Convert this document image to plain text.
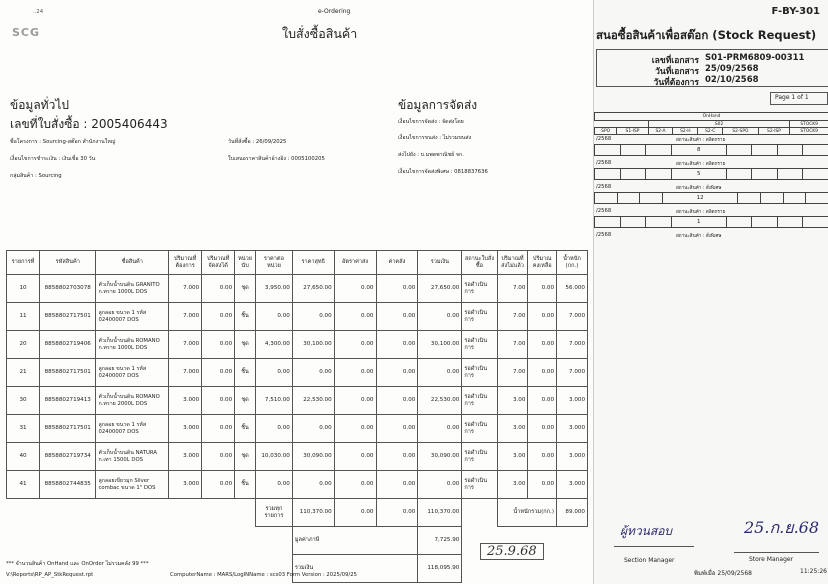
..24
SCG
e-Ordering
ใบสั่งซื้อสินค้า
ข้อมูลทั่วไป
เลขที่ใบสั่งซื้อ : 2005406443
ชื่อโครงการ : Sourcing-สต๊อก สำนักงานใหญ่	วันที่สั่งซื้อ : 26/09/2025
เงื่อนไขการชำระเงิน : เงินเชื่อ 30 วัน	ใบเสนอราคาสินค้าอ้างอิง : 0005100205
กลุ่มสินค้า : Sourcing
ข้อมูลการจัดส่ง
เงื่อนไขการจัดส่ง : จัดส่งโดย
เงื่อนไขการขนส่ง : ไม่รวมขนส่ง
ส่งไปยัง : บ.มพดพาณิชย์ จก.
เงื่อนไขการจัดส่งพิเศษ : 0818837636
รายการที่	รหัสสินค้า	ชื่อสินค้า	ปริมาณที่ต้องการ	ปริมาณที่จัดส่งได้	หน่วยนับ	ราคาต่อหน่วย	ราคาสุทธิ	อัตราค่าส่ง	ค่าคลัง	รวมเงิน	สถานะใบสั่งซื้อ	ปริมาณที่ส่งไม่แล้ว	ปริมาณคงเหลือ	น้ำหนัก (กก.)
10	8858802703078	ตัวเก็บน้ำบนดิน GRANITO ก.ทราย 1000L DOS	7.000	0.00	ชุด	3,950.00	27,650.00	0.00	0.00	27,650.00	รอดำเนินการ	7.00	0.00	56.000
11	8858802717501	ลูกลอย ขนาด 1 รหัส 02400007 DOS	7.000	0.00	ชิ้น	0.00	0.00	0.00	0.00	0.00	รอดำเนินการ	7.00	0.00	7.000
20	8858802719406	ตัวเก็บน้ำบนดิน ROMANO ก.ทราย 1000L DOS	7.000	0.00	ชุด	4,300.00	30,100.00	0.00	0.00	30,100.00	รอดำเนินการ	7.00	0.00	7.000
21	8858802717501	ลูกลอย ขนาด 1 รหัส 02400007 DOS	7.000	0.00	ชิ้น	0.00	0.00	0.00	0.00	0.00	รอดำเนินการ	7.00	0.00	7.000
30	8858802719413	ตัวเก็บน้ำบนดิน ROMANO ก.ทราย 2000L DOS	3.000	0.00	ชุด	7,510.00	22,530.00	0.00	0.00	22,530.00	รอดำเนินการ	3.00	0.00	3.000
31	8858802717501	ลูกลอย ขนาด 1 รหัส 02400007 DOS	3.000	0.00	ชิ้น	0.00	0.00	0.00	0.00	0.00	รอดำเนินการ	3.00	0.00	3.000
40	8858802719734	ตัวเก็บน้ำบนดิน NATURA ก.เทา 1500L DOS	3.000	0.00	ชุด	10,030.00	30,090.00	0.00	0.00	30,090.00	รอดำเนินการ	3.00	0.00	3.000
41	8858802744835	ลูกลอยเขียวมุก Silver combac ขนาด 1" DOS	3.000	0.00	ชิ้น	0.00	0.00	0.00	0.00	0.00	รอดำเนินการ	3.00	0.00	3.000
						รวมทุกรายการ	110,370.00	0.00	0.00	110,370.00		น้ำหนักรวม(กก.)		89.000
							มูลค่าภาษี			7,725.90				
							รวมเงิน			118,095.90				
25.9.68
*** จำนวนสินค้า OnHand และ OnOrder ไม่รวมคลัง 99 ***
V:\Reports\RP_AP_StkRequest.rpt	ComputerName : MARS/LogINName : scs03 Form Version : 2025/09/25
F-BY-301
สนอซื้อสินค้าเพื่อสต๊อก (Stock Request)
เลขที่เอกสาร S01-PRM6809-00311
วันที่เอกสาร 25/09/2568
วันที่ต้องการ 02/10/2568
Page 1 of 1
OnHand							
		S02					STOCK9
SPO	S1-ISP	S2-A	S2-H	S2-C	S2-SPO	S2-ISP	STOCK9
/2568	สถานะสินค้า : ตลิดกราย
			8				
/2568	สถานะสินค้า : ตลิดกราย
			5				
/2568	สถานะสินค้า : สั่งพิเศษ
			12				
/2568	สถานะสินค้า : ตลิดกราย
			1				
/2568	สถานะสินค้า : สั่งพิเศษ
ผู้ทวนสอบ
Section Manager
25.ก.ย.68
Store Manager
พิมพ์เมื่อ 25/09/2568	11:25:26
